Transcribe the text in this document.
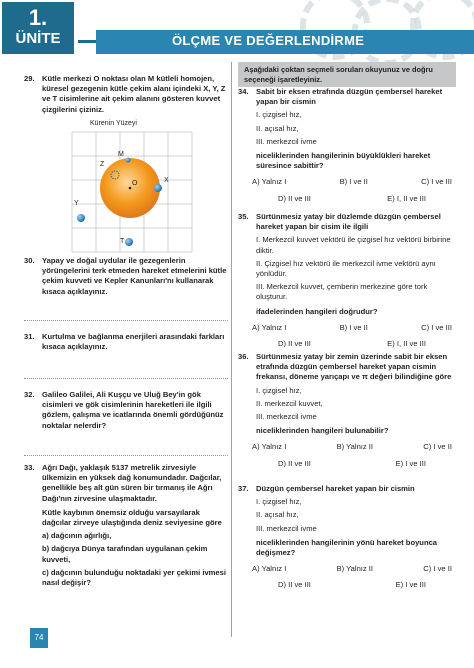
1.
ÜNİTE	ÖLÇME VE DEĞERLENDİRME
29. Kütle merkezi O noktası olan M kütleli homojen, küresel gezegenin kütle çekim alanı içindeki X, Y, Z ve T cisimlerine ait çekim alanını gösteren kuvvet çizgilerini çiziniz.
Kürenin Yüzeyi
M
O	X
Y
Z
T
30. Yapay ve doğal uydular ile gezegenlerin yörüngelerini terk etmeden hareket etmelerini kütle çekim kuvveti ve Kepler Kanunları'nı kullanarak kısaca açıklayınız.
31. Kurtulma ve bağlanma enerjileri arasındaki farkları kısaca açıklayınız.
32. Galileo Galilei, Ali Kuşçu ve Uluğ Bey'in gök cisimleri ve gök cisimlerinin hareketleri ile ilgili gözlem, çalışma ve icatlarında önemli gördüğünüz noktalar nelerdir?
33. Ağrı Dağı, yaklaşık 5137 metrelik zirvesiyle ülkemizin en yüksek dağ konumundadır. Dağcılar, genellikle beş alt gün süren bir tırmanış ile Ağrı Dağı'nın zirvesine ulaşmaktadır.
Kütle kaybının önemsiz olduğu varsayılarak dağcılar zirveye ulaştığında deniz seviyesine göre
a) dağcının ağırlığı,
b) dağcıya Dünya tarafından uygulanan çekim kuvveti,
c) dağcının bulunduğu noktadaki yer çekimi ivmesi nasıl değişir?
Aşağıdaki çoktan seçmeli soruları okuyunuz ve doğru seçeneği işaretleyiniz.
34. Sabit bir eksen etrafında düzgün çembersel hareket yapan bir cismin
I. çizgisel hız,
II. açısal hız,
III. merkezcil ivme
niceliklerinden hangilerinin büyüklükleri hareket süresince sabittir?
A) Yalnız I	B) I ve II	C) I ve III
D) II ve III	E) I, II ve III
35. Sürtünmesiz yatay bir düzlemde düzgün çembersel hareket yapan bir cisim ile ilgili
I. Merkezcil kuvvet vektörü ile çizgisel hız vektörü birbirine diktir.
II. Çizgisel hız vektörü ile merkezcil ivme vektörü aynı yönlüdür.
III. Merkezcil kuvvet, çemberin merkezine göre tork oluşturur.
ifadelerinden hangileri doğrudur?
A) Yalnız I	B) I ve II	C) I ve III
D) II ve III	E) I, II ve III
36. Sürtünmesiz yatay bir zemin üzerinde sabit bir eksen etrafında düzgün çembersel hareket yapan cismin frekansı, döneme yarıçapı ve π değeri bilindiğine göre
I. çizgisel hız,
II. merkezcil kuvvet,
III. merkezcil ivme
niceliklerinden hangileri bulunabilir?
A) Yalnız I	B) Yalnız II	C) I ve II
D) II ve III	E) I ve III
37. Düzgün çembersel hareket yapan bir cismin
I. çizgisel hız,
II. açısal hız,
III. merkezcil ivme
niceliklerinden hangilerinin yönü hareket boyunca değişmez?
A) Yalnız I	B) Yalnız II	C) I ve II
D) II ve III	E) I ve III
74
